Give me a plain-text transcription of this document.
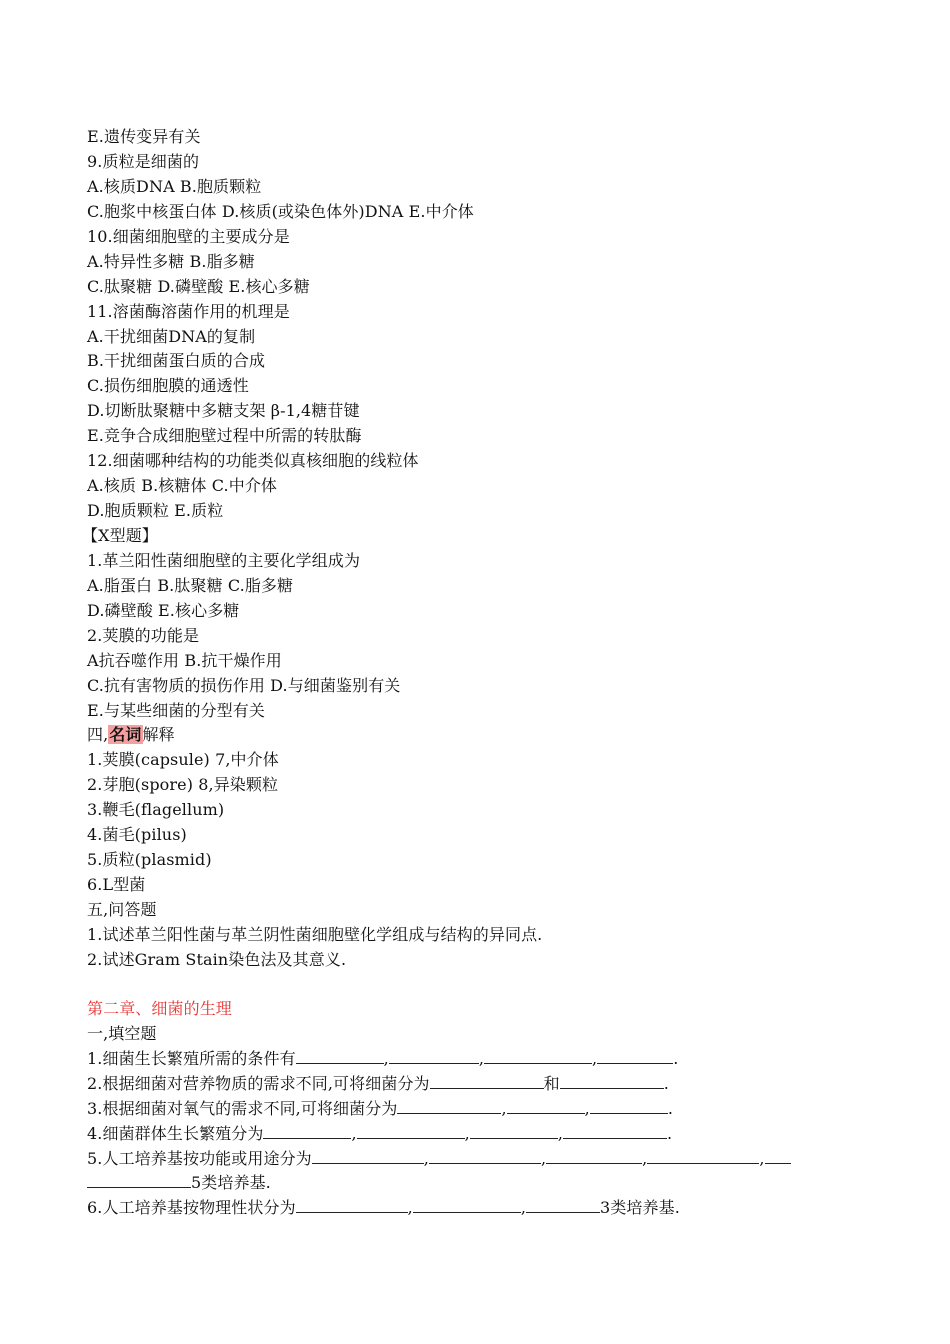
E.遗传变异有关
9.质粒是细菌的
A.核质DNA B.胞质颗粒
C.胞浆中核蛋白体 D.核质(或染色体外)DNA E.中介体
10.细菌细胞壁的主要成分是
A.特异性多糖 B.脂多糖
C.肽聚糖 D.磷壁酸 E.核心多糖
11.溶菌酶溶菌作用的机理是
A.干扰细菌DNA的复制
B.干扰细菌蛋白质的合成
C.损伤细胞膜的通透性
D.切断肽聚糖中多糖支架 β-1,4糖苷键
E.竞争合成细胞壁过程中所需的转肽酶
12.细菌哪种结构的功能类似真核细胞的线粒体
A.核质 B.核糖体 C.中介体
D.胞质颗粒 E.质粒
【X型题】
1.革兰阳性菌细胞壁的主要化学组成为
A.脂蛋白 B.肽聚糖 C.脂多糖
D.磷壁酸 E.核心多糖
2.荚膜的功能是
A抗吞噬作用 B.抗干燥作用
C.抗有害物质的损伤作用 D.与细菌鉴别有关
E.与某些细菌的分型有关
四,名词解释
1.荚膜(capsule) 7,中介体
2.芽胞(spore) 8,异染颗粒
3.鞭毛(flagellum)
4.菌毛(pilus)
5.质粒(plasmid)
6.L型菌
五,问答题
1.试述革兰阳性菌与革兰阴性菌细胞壁化学组成与结构的异同点.
2.试述Gram Stain染色法及其意义.
第二章、细菌的生理
一,填空题
1.细菌生长繁殖所需的条件有	,	,	,	.
2.根据细菌对营养物质的需求不同,可将细菌分为	和	.
3.根据细菌对氧气的需求不同,可将细菌分为	,	,	.
4.细菌群体生长繁殖分为	,	,	,	.
5.人工培养基按功能或用途分为	,	,	,	,
5类培养基.
6.人工培养基按物理性状分为	,	,	3类培养基.
